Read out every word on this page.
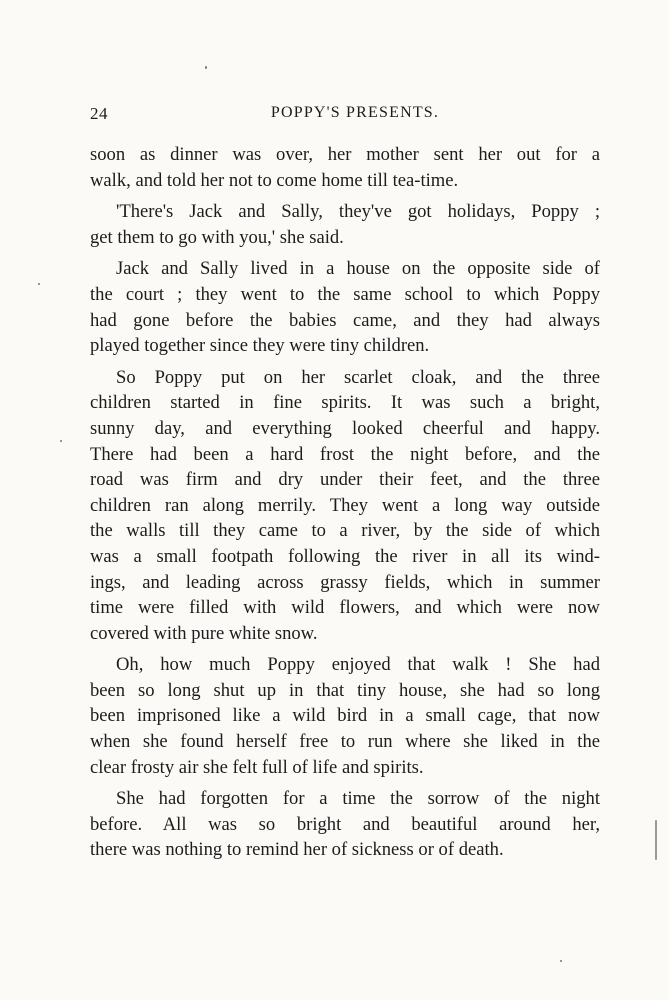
24	POPPY'S PRESENTS.
soon as dinner was over, her mother sent her out for a
walk, and told her not to come home till tea-time.
'There's Jack and Sally, they've got holidays, Poppy ;
get them to go with you,' she said.
Jack and Sally lived in a house on the opposite side of
the court ; they went to the same school to which Poppy
had gone before the babies came, and they had always
played together since they were tiny children.
So Poppy put on her scarlet cloak, and the three
children started in fine spirits. It was such a bright,
sunny day, and everything looked cheerful and happy.
There had been a hard frost the night before, and the
road was firm and dry under their feet, and the three
children ran along merrily. They went a long way outside
the walls till they came to a river, by the side of which
was a small footpath following the river in all its wind-
ings, and leading across grassy fields, which in summer
time were filled with wild flowers, and which were now
covered with pure white snow.
Oh, how much Poppy enjoyed that walk ! She had
been so long shut up in that tiny house, she had so long
been imprisoned like a wild bird in a small cage, that now
when she found herself free to run where she liked in the
clear frosty air she felt full of life and spirits.
She had forgotten for a time the sorrow of the night
before. All was so bright and beautiful around her,
there was nothing to remind her of sickness or of death.
